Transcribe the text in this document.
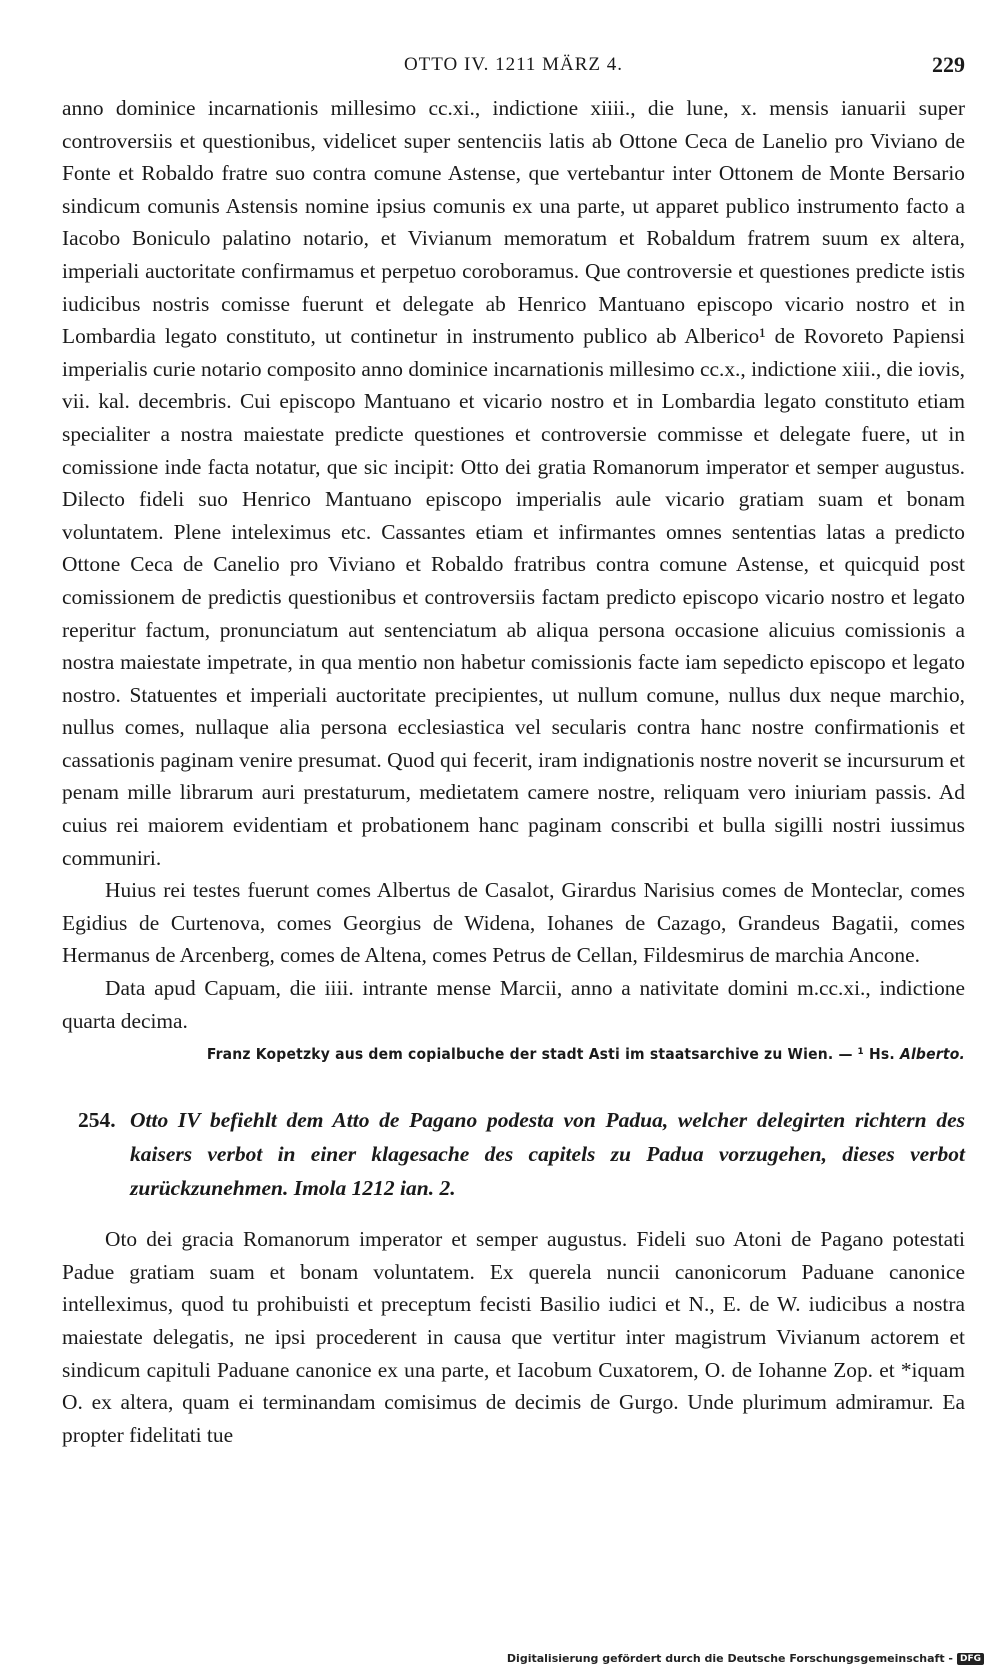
OTTO IV. 1211 MÄRZ 4.	229

anno dominice incarnationis millesimo cc.xi., indictione xiiii., die lune, x. mensis ianuarii super controversiis et questionibus, videlicet super sentenciis latis ab Ottone Ceca de Lanelio pro Viviano de Fonte et Robaldo fratre suo contra comune Astense, que vertebantur inter Ottonem de Monte Bersario sindicum comunis Astensis nomine ipsius comunis ex una parte, ut apparet publico instrumento facto a Iacobo Boniculo palatino notario, et Vivianum memoratum et Robaldum fratrem suum ex altera, imperiali auctoritate confirmamus et perpetuo coroboramus. Que controversie et questiones predicte istis iudicibus nostris comisse fuerunt et delegate ab Henrico Mantuano episcopo vicario nostro et in Lombardia legato constituto, ut continetur in instrumento publico ab Alberico¹ de Rovoreto Papiensi imperialis curie notario composito anno dominice incarnationis millesimo cc.x., indictione xiii., die iovis, vii. kal. decembris. Cui episcopo Mantuano et vicario nostro et in Lombardia legato constituto etiam specialiter a nostra maiestate predicte questiones et controversie commisse et delegate fuere, ut in comissione inde facta notatur, que sic incipit: Otto dei gratia Romanorum imperator et semper augustus. Dilecto fideli suo Henrico Mantuano episcopo imperialis aule vicario gratiam suam et bonam voluntatem. Plene inteleximus etc. Cassantes etiam et infirmantes omnes sententias latas a predicto Ottone Ceca de Canelio pro Viviano et Robaldo fratribus contra comune Astense, et quicquid post comissionem de predictis questionibus et controversiis factam predicto episcopo vicario nostro et legato reperitur factum, pronunciatum aut sentenciatum ab aliqua persona occasione alicuius comissionis a nostra maiestate impetrate, in qua mentio non habetur comissionis facte iam sepedicto episcopo et legato nostro. Statuentes et imperiali auctoritate precipientes, ut nullum comune, nullus dux neque marchio, nullus comes, nullaque alia persona ecclesiastica vel secularis contra hanc nostre confirmationis et cassationis paginam venire presumat. Quod qui fecerit, iram indignationis nostre noverit se incursurum et penam mille librarum auri prestaturum, medietatem camere nostre, reliquam vero iniuriam passis. Ad cuius rei maiorem evidentiam et probationem hanc paginam conscribi et bulla sigilli nostri iussimus communiri.

Huius rei testes fuerunt comes Albertus de Casalot, Girardus Narisius comes de Monteclar, comes Egidius de Curtenova, comes Georgius de Widena, Iohanes de Cazago, Grandeus Bagatii, comes Hermanus de Arcenberg, comes de Altena, comes Petrus de Cellan, Fildesmirus de marchia Ancone.

Data apud Capuam, die iiii. intrante mense Marcii, anno a nativitate domini m.cc.xi., indictione quarta decima.

Franz Kopetzky aus dem copialbuche der stadt Asti im staatsarchive zu Wien. — ¹ Hs. Alberto.
254. Otto IV befiehlt dem Atto de Pagano podesta von Padua, welcher delegirten richtern des kaisers verbot in einer klagesache des capitels zu Padua vorzugehen, dieses verbot zurückzunehmen. Imola 1212 ian. 2.

Oto dei gracia Romanorum imperator et semper augustus. Fideli suo Atoni de Pagano potestati Padue gratiam suam et bonam voluntatem. Ex querela nuncii canonicorum Paduane canonice intelleximus, quod tu prohibuisti et preceptum fecisti Basilio iudici et N., E. de W. iudicibus a nostra maiestate delegatis, ne ipsi procederent in causa que vertitur inter magistrum Vivianum actorem et sindicum capituli Paduane canonice ex una parte, et Iacobum Cuxatorem, O. de Iohanne Zop. et *iquam O. ex altera, quam ei terminandam comisimus de decimis de Gurgo. Unde plurimum admiramur. Ea propter fidelitati tue

Digitalisierung gefördert durch die Deutsche Forschungsgemeinschaft - DFG
